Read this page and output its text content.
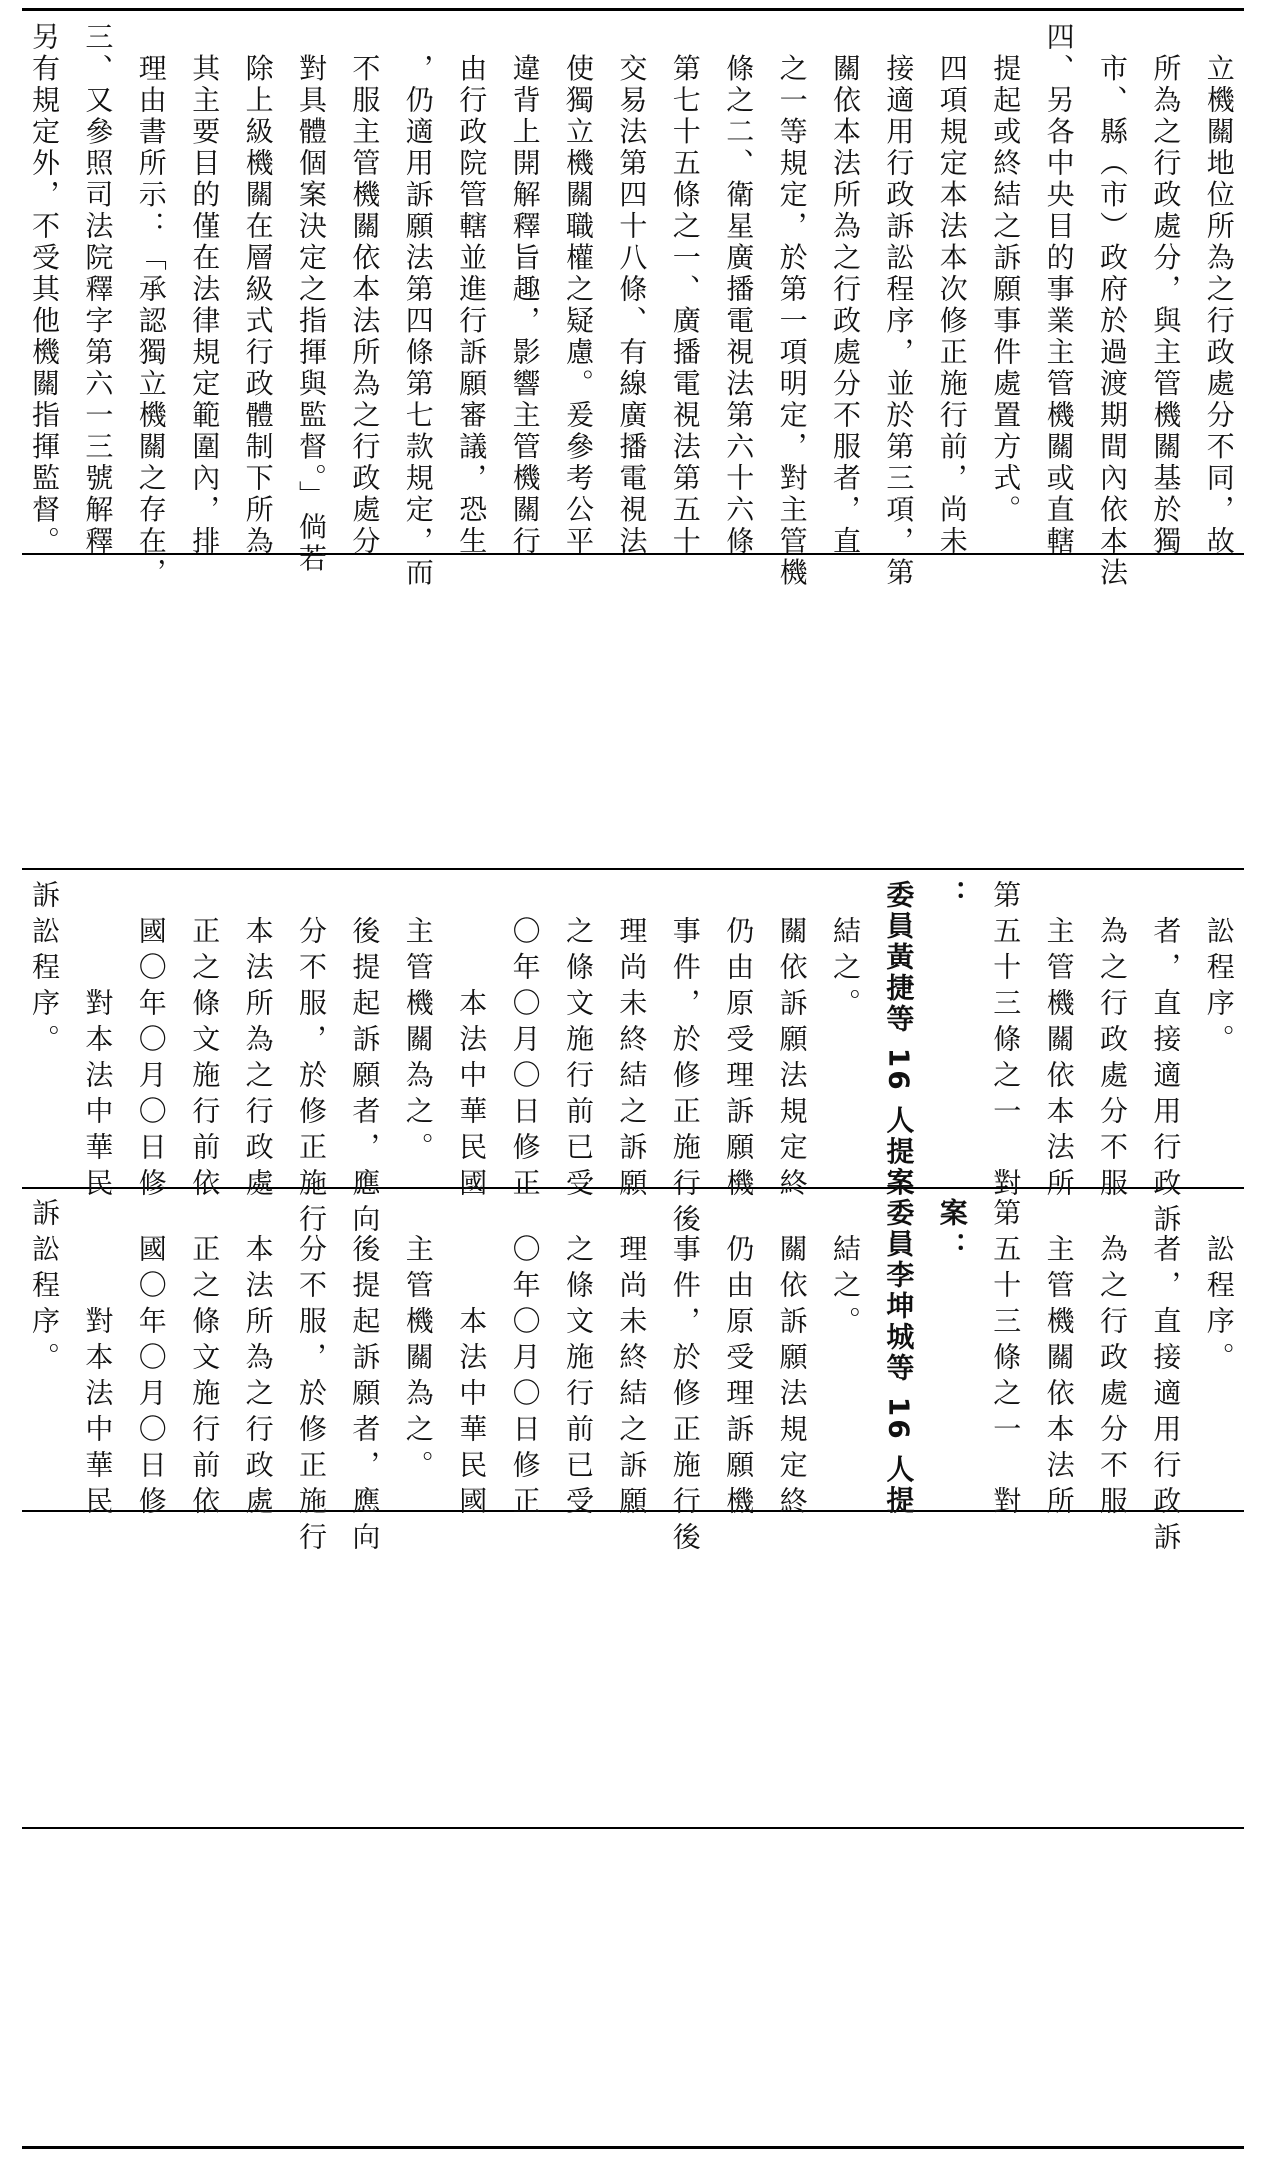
另有規定外，不受其他機關指揮監督。 三、又參照司法院釋字第六一三號解釋 　理由書所示：「承認獨立機關之存在， 　其主要目的僅在法律規定範圍內，排 　除上級機關在層級式行政體制下所為 　對具體個案決定之指揮與監督。」倘若 　不服主管機關依本法所為之行政處分 　，仍適用訴願法第四條第七款規定，而 　由行政院管轄並進行訴願審議，恐生 　違背上開解釋旨趣，影響主管機關行 　使獨立機關職權之疑慮。爰參考公平 　交易法第四十八條、有線廣播電視法 　第七十五條之一、廣播電視法第五十 　條之二、衛星廣播電視法第六十六條 　之一等規定，於第一項明定，對主管機 　關依本法所為之行政處分不服者，直 　接適用行政訴訟程序，並於第三項，第 　四項規定本法本次修正施行前，尚未 　提起或終結之訴願事件處置方式。 四、另各中央目的事業主管機關或直轄 　市、縣（市）政府於過渡期間內依本法 　所為之行政處分，與主管機關基於獨 　立機關地位所為之行政處分不同，故
訴訟程序。 　　　對本法中華民 　國〇年〇月〇日修 　正之條文施行前依 　本法所為之行政處 　分不服，於修正施行 　後提起訴願者，應向 　主管機關為之。 　　　本法中華民國 　〇年〇月〇日修正 　之條文施行前已受 　理尚未終結之訴願 　事件，於修正施行後 　仍由原受理訴願機 　關依訴願法規定終 　結之。 委員黃捷等 16 人提案 ： 第五十三條之一　對 　主管機關依本法所 　為之行政處分不服 　者，直接適用行政訴 　訟程序。
訴訟程序。 　　　對本法中華民 　國〇年〇月〇日修 　正之條文施行前依 　本法所為之行政處 　分不服，於修正施行 　後提起訴願者，應向 　主管機關為之。 　　　本法中華民國 　〇年〇月〇日修正 　之條文施行前已受 　理尚未終結之訴願 　事件，於修正施行後 　仍由原受理訴願機 　關依訴願法規定終 　結之。 委員李坤城等 16 人提 案： 第五十三條之一　對 　主管機關依本法所 　為之行政處分不服 　者，直接適用行政訴 　訟程序。
